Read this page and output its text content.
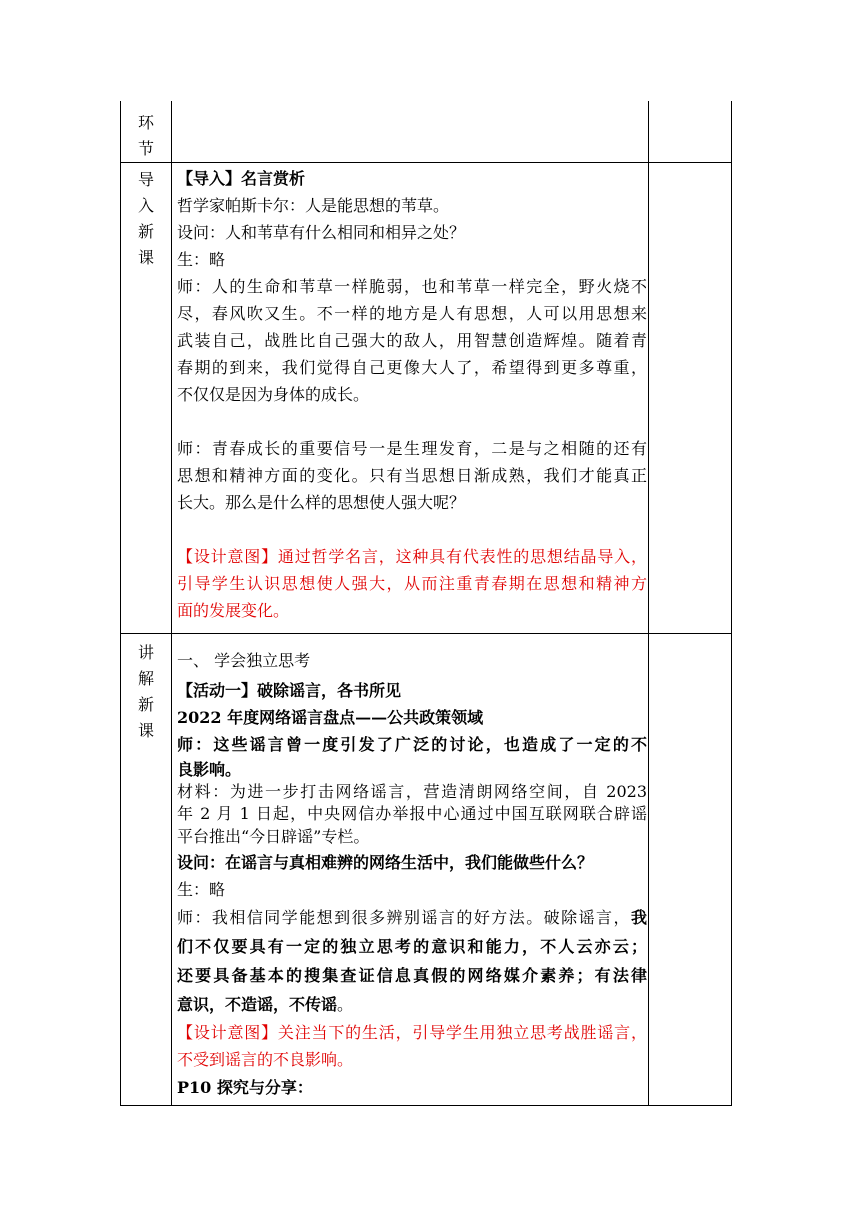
环
节
导
入
新
课
【导入】名言赏析
哲学家帕斯卡尔：人是能思想的苇草。
设问：人和苇草有什么相同和相异之处？
生：略
师：人的生命和苇草一样脆弱，也和苇草一样完全，野火烧不
尽，春风吹又生。不一样的地方是人有思想，人可以用思想来
武装自己，战胜比自己强大的敌人，用智慧创造辉煌。随着青
春期的到来，我们觉得自己更像大人了，希望得到更多尊重，
不仅仅是因为身体的成长。
师：青春成长的重要信号一是生理发育，二是与之相随的还有
思想和精神方面的变化。只有当思想日渐成熟，我们才能真正
长大。那么是什么样的思想使人强大呢？
【设计意图】通过哲学名言，这种具有代表性的思想结晶导入，
引导学生认识思想使人强大，从而注重青春期在思想和精神方
面的发展变化。
讲
解
新
课
一、 学会独立思考
【活动一】破除谣言，各书所见
2022 年度网络谣言盘点——公共政策领域
师：这些谣言曾一度引发了广泛的讨论，也造成了一定的不
良影响。
材料：为进一步打击网络谣言，营造清朗网络空间，自 2023
年 2 月 1 日起，中央网信办举报中心通过中国互联网联合辟谣
平台推出“今日辟谣”专栏。
设问：在谣言与真相难辨的网络生活中，我们能做些什么？
生：略
师：我相信同学能想到很多辨别谣言的好方法。破除谣言，我
们不仅要具有一定的独立思考的意识和能力，不人云亦云；
还要具备基本的搜集查证信息真假的网络媒介素养；有法律
意识，不造谣，不传谣。
【设计意图】关注当下的生活，引导学生用独立思考战胜谣言，
不受到谣言的不良影响。
P10 探究与分享：
